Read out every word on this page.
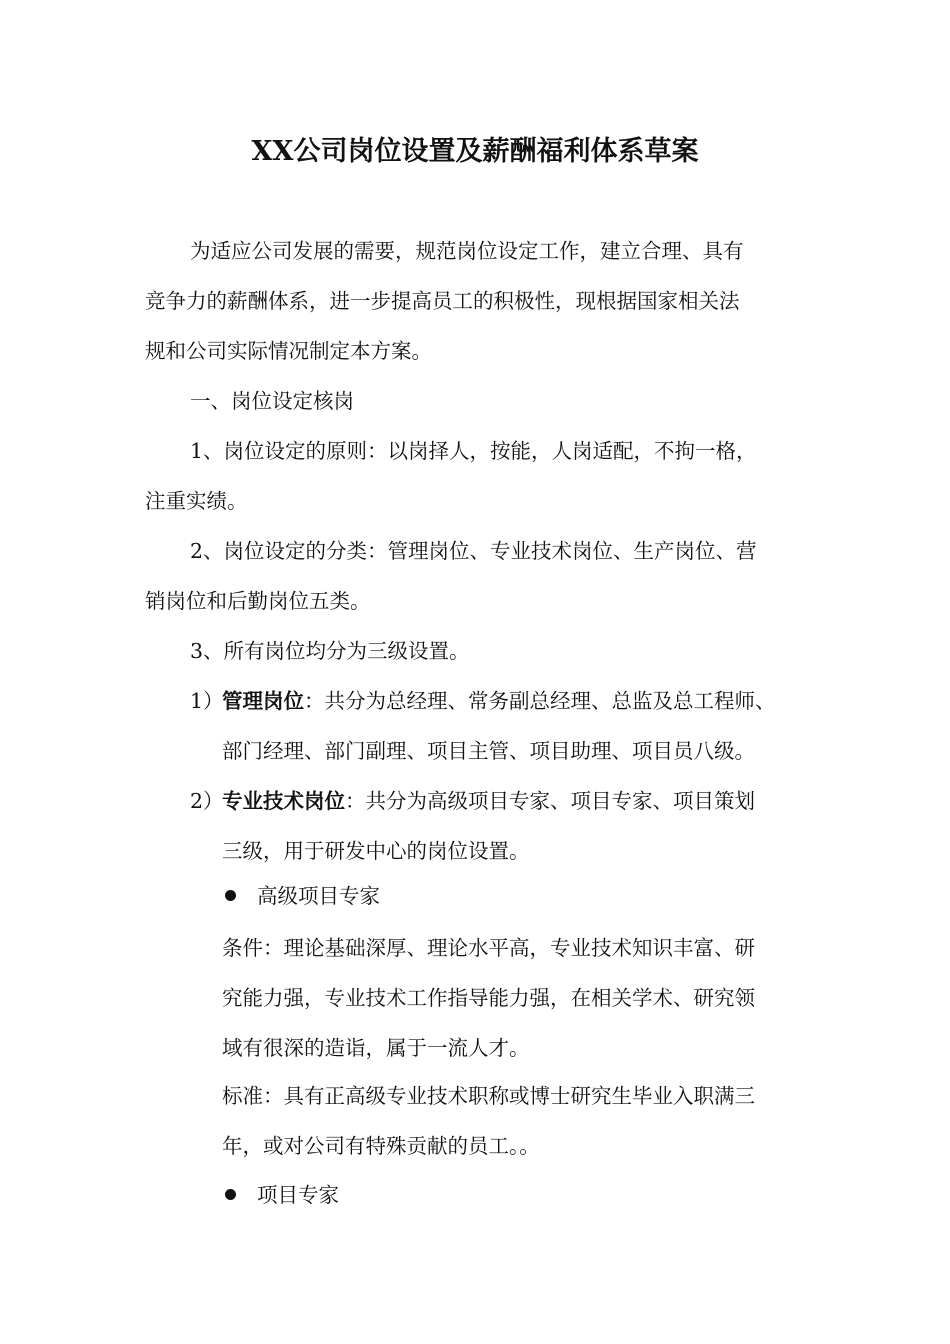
XX公司岗位设置及薪酬福利体系草案
为适应公司发展的需要，规范岗位设定工作，建立合理、具有
竞争力的薪酬体系，进一步提高员工的积极性，现根据国家相关法
规和公司实际情况制定本方案。
一、岗位设定核岗
1、岗位设定的原则：以岗择人，按能，人岗适配，不拘一格，
注重实绩。
2、岗位设定的分类：管理岗位、专业技术岗位、生产岗位、营
销岗位和后勤岗位五类。
3、所有岗位均分为三级设置。
1）
管理岗位：共分为总经理、常务副总经理、总监及总工程师、
部门经理、部门副理、项目主管、项目助理、项目员八级。
2）
专业技术岗位：共分为高级项目专家、项目专家、项目策划
三级，用于研发中心的岗位设置。
高级项目专家
条件：理论基础深厚、理论水平高，专业技术知识丰富、研
究能力强，专业技术工作指导能力强，在相关学术、研究领
域有很深的造诣，属于一流人才。
标准：具有正高级专业技术职称或博士研究生毕业入职满三
年，或对公司有特殊贡献的员工。。
项目专家
